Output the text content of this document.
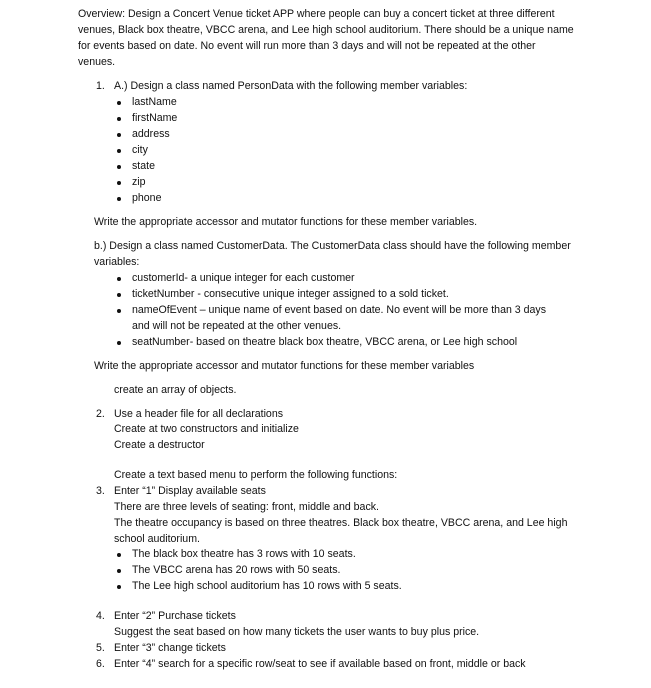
Overview: Design a Concert Venue ticket APP where people can buy a concert ticket at three different
venues, Black box theatre, VBCC arena, and Lee high school auditorium. There should be a unique name
for events based on date. No event will run more than 3 days and will not be repeated at the other
venues.
1. A.) Design a class named PersonData with the following member variables:
lastName
firstName
address
city
state
zip
phone
Write the appropriate accessor and mutator functions for these member variables.
b.) Design a class named CustomerData. The CustomerData class should have the following member
variables:
customerId- a unique integer for each customer
ticketNumber - consecutive unique integer assigned to a sold ticket.
nameOfEvent – unique name of event based on date. No event will be more than 3 days
and will not be repeated at the other venues.
seatNumber- based on theatre black box theatre, VBCC arena, or Lee high school
Write the appropriate accessor and mutator functions for these member variables
create an array of objects.
2. Use a header file for all declarations
Create at two constructors and initialize
Create a destructor
Create a text based menu to perform the following functions:
3. Enter “1” Display available seats
There are three levels of seating: front, middle and back.
The theatre occupancy is based on three theatres. Black box theatre, VBCC arena, and Lee high
school auditorium.
The black box theatre has 3 rows with 10 seats.
The VBCC arena has 20 rows with 50 seats.
The Lee high school auditorium has 10 rows with 5 seats.
4. Enter “2” Purchase tickets
Suggest the seat based on how many tickets the user wants to buy plus price.
5. Enter “3” change tickets
6. Enter “4” search for a specific row/seat to see if available based on front, middle or back
